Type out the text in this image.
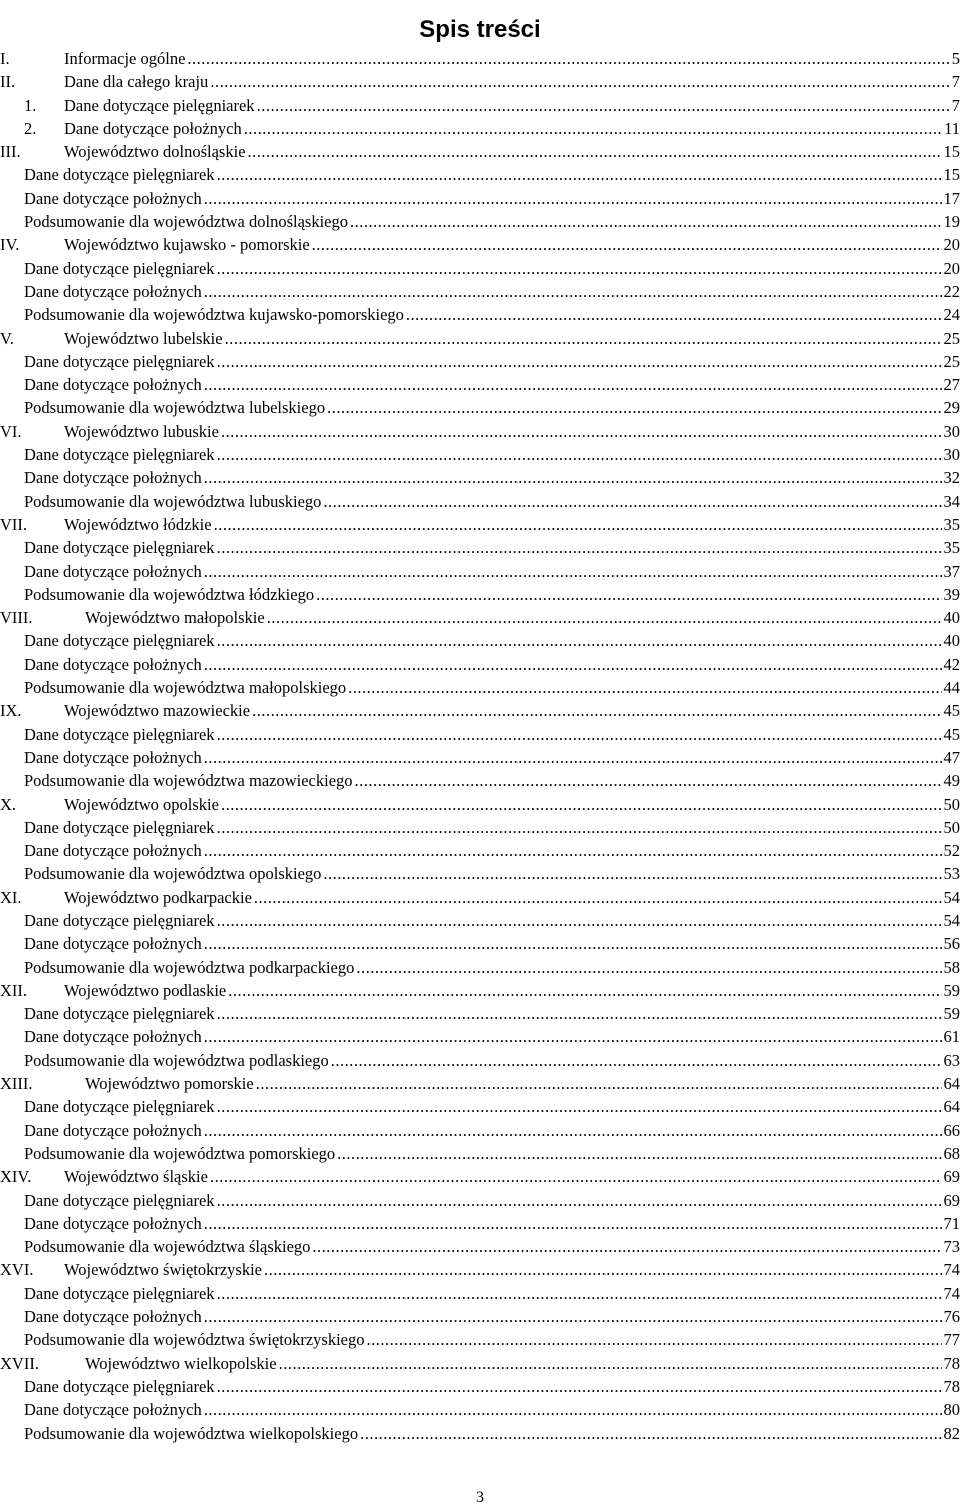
Spis treści
I.	Informacje ogólne .....	5
II.	Dane dla całego kraju .....	7
1.	Dane dotyczące pielęgniarek .....	7
2.	Dane dotyczące położnych .....	11
III.	Województwo dolnośląskie .....	15
Dane dotyczące pielęgniarek .....	15
Dane dotyczące położnych .....	17
Podsumowanie dla województwa dolnośląskiego .....	19
IV.	Województwo kujawsko - pomorskie .....	20
Dane dotyczące pielęgniarek .....	20
Dane dotyczące położnych .....	22
Podsumowanie dla województwa kujawsko-pomorskiego .....	24
V.	Województwo lubelskie .....	25
Dane dotyczące pielęgniarek .....	25
Dane dotyczące położnych .....	27
Podsumowanie dla województwa lubelskiego .....	29
VI.	Województwo lubuskie .....	30
Dane dotyczące pielęgniarek .....	30
Dane dotyczące położnych .....	32
Podsumowanie dla województwa lubuskiego .....	34
VII.	Województwo łódzkie .....	35
Dane dotyczące pielęgniarek .....	35
Dane dotyczące położnych .....	37
Podsumowanie dla województwa łódzkiego .....	39
VIII.	Województwo małopolskie .....	40
Dane dotyczące pielęgniarek .....	40
Dane dotyczące położnych .....	42
Podsumowanie dla województwa małopolskiego .....	44
IX.	Województwo mazowieckie .....	45
Dane dotyczące pielęgniarek .....	45
Dane dotyczące położnych .....	47
Podsumowanie dla województwa mazowieckiego .....	49
X.	Województwo opolskie .....	50
Dane dotyczące pielęgniarek .....	50
Dane dotyczące położnych .....	52
Podsumowanie dla województwa opolskiego .....	53
XI.	Województwo podkarpackie .....	54
Dane dotyczące pielęgniarek .....	54
Dane dotyczące położnych .....	56
Podsumowanie dla województwa podkarpackiego .....	58
XII.	Województwo podlaskie .....	59
Dane dotyczące pielęgniarek .....	59
Dane dotyczące położnych .....	61
Podsumowanie dla województwa podlaskiego .....	63
XIII.	Województwo pomorskie .....	64
Dane dotyczące pielęgniarek .....	64
Dane dotyczące położnych .....	66
Podsumowanie dla województwa pomorskiego .....	68
XIV.	Województwo śląskie .....	69
Dane dotyczące pielęgniarek .....	69
Dane dotyczące położnych .....	71
Podsumowanie dla województwa śląskiego .....	73
XVI.	Województwo świętokrzyskie .....	74
Dane dotyczące pielęgniarek .....	74
Dane dotyczące położnych .....	76
Podsumowanie dla województwa świętokrzyskiego .....	77
XVII.	Województwo wielkopolskie .....	78
Dane dotyczące pielęgniarek .....	78
Dane dotyczące położnych .....	80
Podsumowanie dla województwa wielkopolskiego .....	82
3
